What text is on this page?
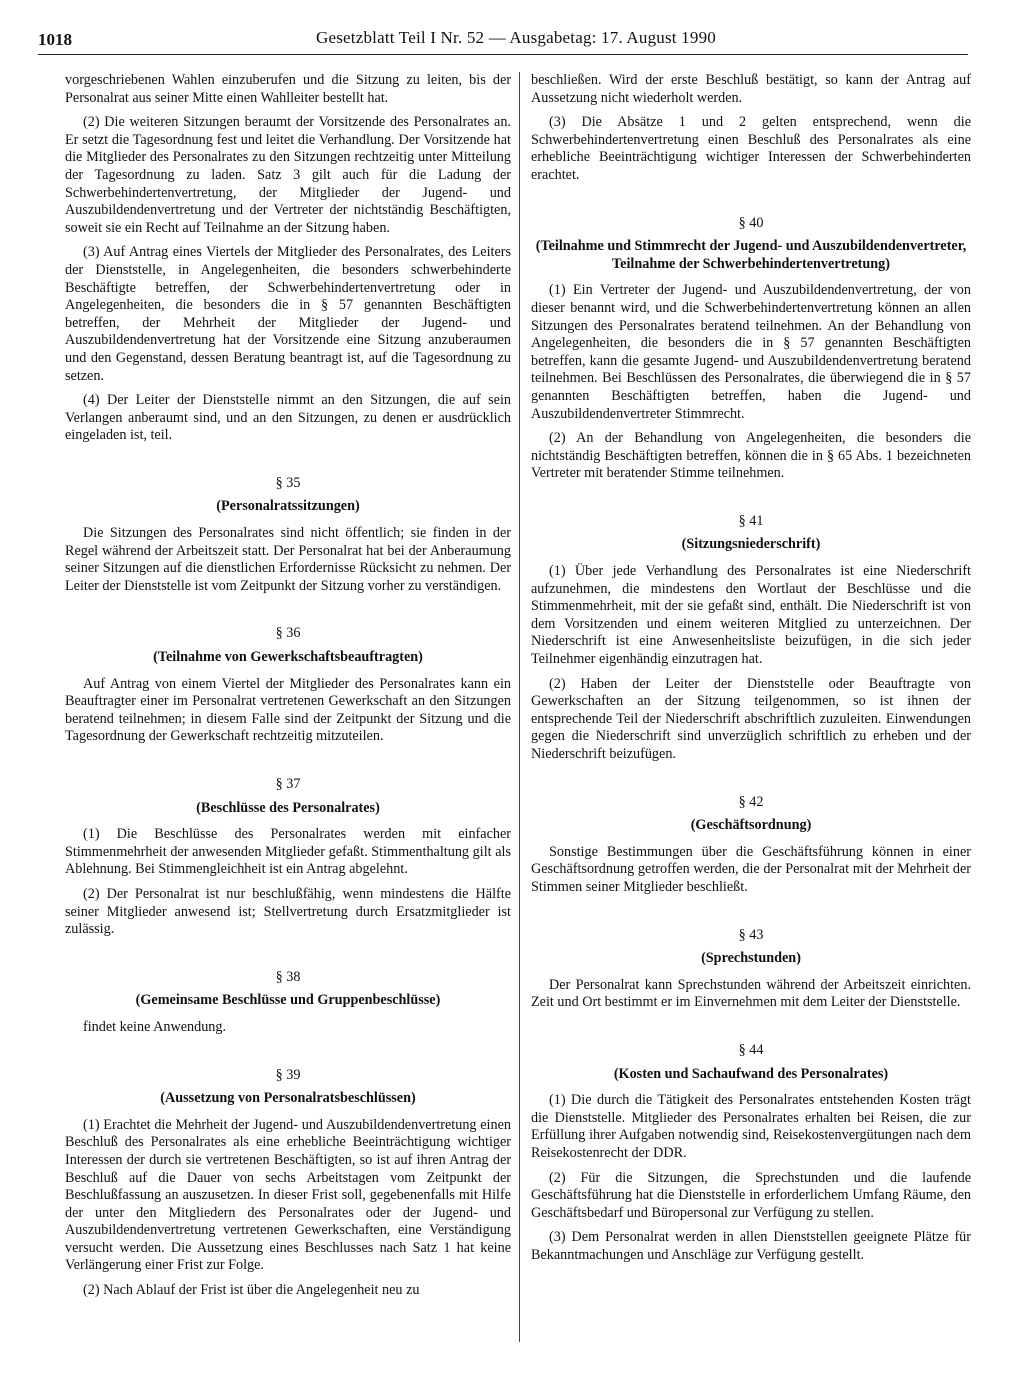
1018	Gesetzblatt Teil I Nr. 52 — Ausgabetag: 17. August 1990

vorgeschriebenen Wahlen einzuberufen und die Sitzung zu leiten, bis der Personalrat aus seiner Mitte einen Wahlleiter bestellt hat.

(2) Die weiteren Sitzungen beraumt der Vorsitzende des Personalrates an. Er setzt die Tagesordnung fest und leitet die Verhandlung. Der Vorsitzende hat die Mitglieder des Personalrates zu den Sitzungen rechtzeitig unter Mitteilung der Tagesordnung zu laden. Satz 3 gilt auch für die Ladung der Schwerbehindertenvertretung, der Mitglieder der Jugend- und Auszubildendenvertretung und der Vertreter der nichtständig Beschäftigten, soweit sie ein Recht auf Teilnahme an der Sitzung haben.

(3) Auf Antrag eines Viertels der Mitglieder des Personalrates, des Leiters der Dienststelle, in Angelegenheiten, die besonders schwerbehinderte Beschäftigte betreffen, der Schwerbehindertenvertretung oder in Angelegenheiten, die besonders die in § 57 genannten Beschäftigten betreffen, der Mehrheit der Mitglieder der Jugend- und Auszubildendenvertretung hat der Vorsitzende eine Sitzung anzuberaumen und den Gegenstand, dessen Beratung beantragt ist, auf die Tagesordnung zu setzen.

(4) Der Leiter der Dienststelle nimmt an den Sitzungen, die auf sein Verlangen anberaumt sind, und an den Sitzungen, zu denen er ausdrücklich eingeladen ist, teil.

§ 35
(Personalratssitzungen)

Die Sitzungen des Personalrates sind nicht öffentlich; sie finden in der Regel während der Arbeitszeit statt. Der Personalrat hat bei der Anberaumung seiner Sitzungen auf die dienstlichen Erfordernisse Rücksicht zu nehmen. Der Leiter der Dienststelle ist vom Zeitpunkt der Sitzung vorher zu verständigen.

§ 36
(Teilnahme von Gewerkschaftsbeauftragten)

Auf Antrag von einem Viertel der Mitglieder des Personalrates kann ein Beauftragter einer im Personalrat vertretenen Gewerkschaft an den Sitzungen beratend teilnehmen; in diesem Falle sind der Zeitpunkt der Sitzung und die Tagesordnung der Gewerkschaft rechtzeitig mitzuteilen.

§ 37
(Beschlüsse des Personalrates)

(1) Die Beschlüsse des Personalrates werden mit einfacher Stimmenmehrheit der anwesenden Mitglieder gefaßt. Stimmenthaltung gilt als Ablehnung. Bei Stimmengleichheit ist ein Antrag abgelehnt.

(2) Der Personalrat ist nur beschlußfähig, wenn mindestens die Hälfte seiner Mitglieder anwesend ist; Stellvertretung durch Ersatzmitglieder ist zulässig.

§ 38
(Gemeinsame Beschlüsse und Gruppenbeschlüsse)

findet keine Anwendung.

§ 39
(Aussetzung von Personalratsbeschlüssen)

(1) Erachtet die Mehrheit der Jugend- und Auszubildendenvertretung einen Beschluß des Personalrates als eine erhebliche Beeinträchtigung wichtiger Interessen der durch sie vertretenen Beschäftigten, so ist auf ihren Antrag der Beschluß auf die Dauer von sechs Arbeitstagen vom Zeitpunkt der Beschlußfassung an auszusetzen. In dieser Frist soll, gegebenenfalls mit Hilfe der unter den Mitgliedern des Personalrates oder der Jugend- und Auszubildendenvertretung vertretenen Gewerkschaften, eine Verständigung versucht werden. Die Aussetzung eines Beschlusses nach Satz 1 hat keine Verlängerung einer Frist zur Folge.

(2) Nach Ablauf der Frist ist über die Angelegenheit neu zu

beschließen. Wird der erste Beschluß bestätigt, so kann der Antrag auf Aussetzung nicht wiederholt werden.

(3) Die Absätze 1 und 2 gelten entsprechend, wenn die Schwerbehindertenvertretung einen Beschluß des Personalrates als eine erhebliche Beeinträchtigung wichtiger Interessen der Schwerbehinderten erachtet.

§ 40
(Teilnahme und Stimmrecht der Jugend- und Auszubildendenvertreter, Teilnahme der Schwerbehindertenvertretung)

(1) Ein Vertreter der Jugend- und Auszubildendenvertretung, der von dieser benannt wird, und die Schwerbehindertenvertretung können an allen Sitzungen des Personalrates beratend teilnehmen. An der Behandlung von Angelegenheiten, die besonders die in § 57 genannten Beschäftigten betreffen, kann die gesamte Jugend- und Auszubildendenvertretung beratend teilnehmen. Bei Beschlüssen des Personalrates, die überwiegend die in § 57 genannten Beschäftigten betreffen, haben die Jugend- und Auszubildendenvertreter Stimmrecht.

(2) An der Behandlung von Angelegenheiten, die besonders die nichtständig Beschäftigten betreffen, können die in § 65 Abs. 1 bezeichneten Vertreter mit beratender Stimme teilnehmen.

§ 41
(Sitzungsniederschrift)

(1) Über jede Verhandlung des Personalrates ist eine Niederschrift aufzunehmen, die mindestens den Wortlaut der Beschlüsse und die Stimmenmehrheit, mit der sie gefaßt sind, enthält. Die Niederschrift ist von dem Vorsitzenden und einem weiteren Mitglied zu unterzeichnen. Der Niederschrift ist eine Anwesenheitsliste beizufügen, in die sich jeder Teilnehmer eigenhändig einzutragen hat.

(2) Haben der Leiter der Dienststelle oder Beauftragte von Gewerkschaften an der Sitzung teilgenommen, so ist ihnen der entsprechende Teil der Niederschrift abschriftlich zuzuleiten. Einwendungen gegen die Niederschrift sind unverzüglich schriftlich zu erheben und der Niederschrift beizufügen.

§ 42
(Geschäftsordnung)

Sonstige Bestimmungen über die Geschäftsführung können in einer Geschäftsordnung getroffen werden, die der Personalrat mit der Mehrheit der Stimmen seiner Mitglieder beschließt.

§ 43
(Sprechstunden)

Der Personalrat kann Sprechstunden während der Arbeitszeit einrichten. Zeit und Ort bestimmt er im Einvernehmen mit dem Leiter der Dienststelle.

§ 44
(Kosten und Sachaufwand des Personalrates)

(1) Die durch die Tätigkeit des Personalrates entstehenden Kosten trägt die Dienststelle. Mitglieder des Personalrates erhalten bei Reisen, die zur Erfüllung ihrer Aufgaben notwendig sind, Reisekostenvergütungen nach dem Reisekostenrecht der DDR.

(2) Für die Sitzungen, die Sprechstunden und die laufende Geschäftsführung hat die Dienststelle in erforderlichem Umfang Räume, den Geschäftsbedarf und Büropersonal zur Verfügung zu stellen.

(3) Dem Personalrat werden in allen Dienststellen geeignete Plätze für Bekanntmachungen und Anschläge zur Verfügung gestellt.
